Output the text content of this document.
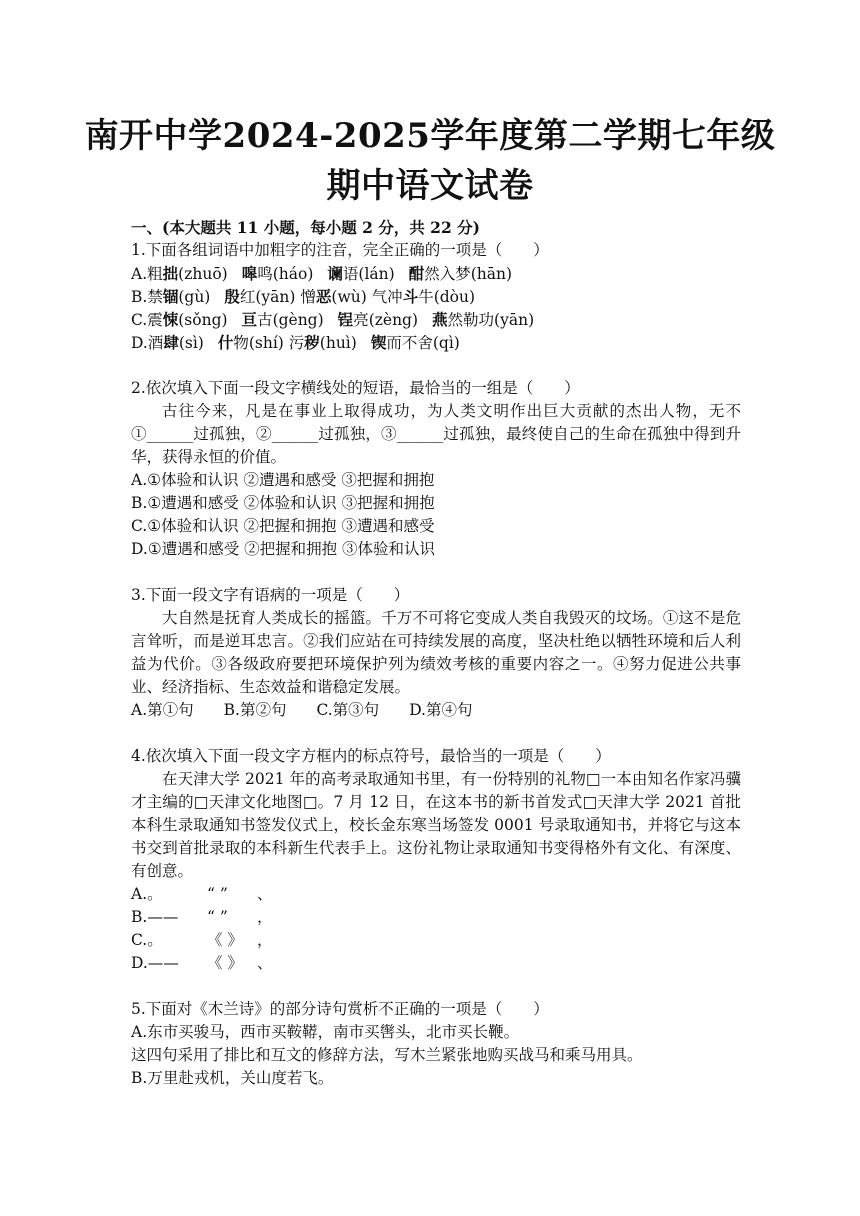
南开中学2024-2025学年度第二学期七年级
期中语文试卷
一、(本大题共 11 小题，每小题 2 分，共 22 分)
1.下面各组词语中加粗字的注音，完全正确的一项是（　　）
A.粗拙(zhuō) 嗥鸣(háo) 谰语(lán) 酣然入梦(hān)
B.禁锢(gù) 殷红(yān) 憎恶(wù) 气冲斗牛(dòu)
C.震悚(sǒng) 亘古(gèng) 锃亮(zèng) 燕然勒功(yān)
D.酒肆(sì) 什物(shí) 污秽(huì) 锲而不舍(qì)
2.依次填入下面一段文字横线处的短语，最恰当的一组是（　　）
古往今来，凡是在事业上取得成功，为人类文明作出巨大贡献的杰出人物，无不①______过孤独，②______过孤独，③______过孤独，最终使自己的生命在孤独中得到升华，获得永恒的价值。
A.①体验和认识 ②遭遇和感受 ③把握和拥抱
B.①遭遇和感受 ②体验和认识 ③把握和拥抱
C.①体验和认识 ②把握和拥抱 ③遭遇和感受
D.①遭遇和感受 ②把握和拥抱 ③体验和认识
3.下面一段文字有语病的一项是（　　）
大自然是抚育人类成长的摇篮。千万不可将它变成人类自我毁灭的坟场。①这不是危言耸听，而是逆耳忠言。②我们应站在可持续发展的高度，坚决杜绝以牺牲环境和后人利益为代价。③各级政府要把环境保护列为绩效考核的重要内容之一。④努力促进公共事业、经济指标、生态效益和谐稳定发展。
A.第①句 B.第②句 C.第③句 D.第④句
4.依次填入下面一段文字方框内的标点符号，最恰当的一项是（　　）
在天津大学 2021 年的高考录取通知书里，有一份特别的礼物□一本由知名作家冯骥才主编的□天津文化地图□。7 月 12 日，在这本书的新书首发式□天津大学 2021 首批本科生录取通知书签发仪式上，校长金东寒当场签发 0001 号录取通知书，并将它与这本书交到首批录取的本科新生代表手上。这份礼物让录取通知书变得格外有文化、有深度、有创意。
A.。	“ ” 、
B.—— “ ” ，
C.。	《 》 ，
D.—— 《 》 、
5.下面对《木兰诗》的部分诗句赏析不正确的一项是（　　）
A.东市买骏马，西市买鞍鞯，南市买辔头，北市买长鞭。
这四句采用了排比和互文的修辞方法，写木兰紧张地购买战马和乘马用具。
B.万里赴戎机，关山度若飞。
